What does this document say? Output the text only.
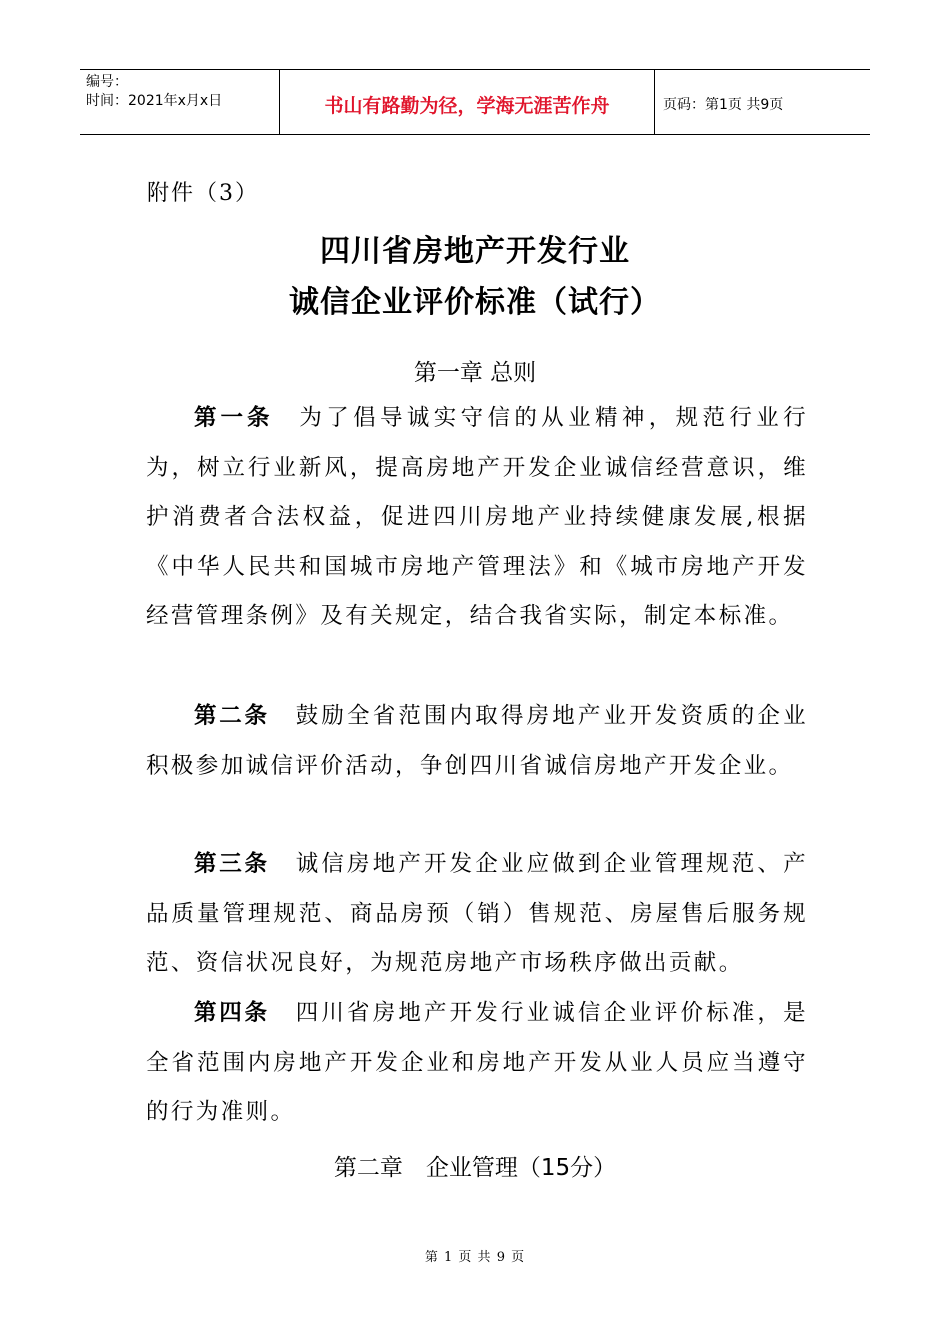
编号：
时间：2021年x月x日	书山有路勤为径，学海无涯苦作舟	页码：第1页 共9页
附件（3）
四川省房地产开发行业
诚信企业评价标准（试行）
第一章 总则
第一条 为了倡导诚实守信的从业精神，规范行业行为，树立行业新风，提高房地产开发企业诚信经营意识，维护消费者合法权益，促进四川房地产业持续健康发展,根据《中华人民共和国城市房地产管理法》和《城市房地产开发经营管理条例》及有关规定，结合我省实际，制定本标准。
第二条 鼓励全省范围内取得房地产业开发资质的企业积极参加诚信评价活动，争创四川省诚信房地产开发企业。
第三条 诚信房地产开发企业应做到企业管理规范、产品质量管理规范、商品房预（销）售规范、房屋售后服务规范、资信状况良好，为规范房地产市场秩序做出贡献。
第四条 四川省房地产开发行业诚信企业评价标准，是全省范围内房地产开发企业和房地产开发从业人员应当遵守的行为准则。
第二章　企业管理（15分）
第 1 页 共 9 页
